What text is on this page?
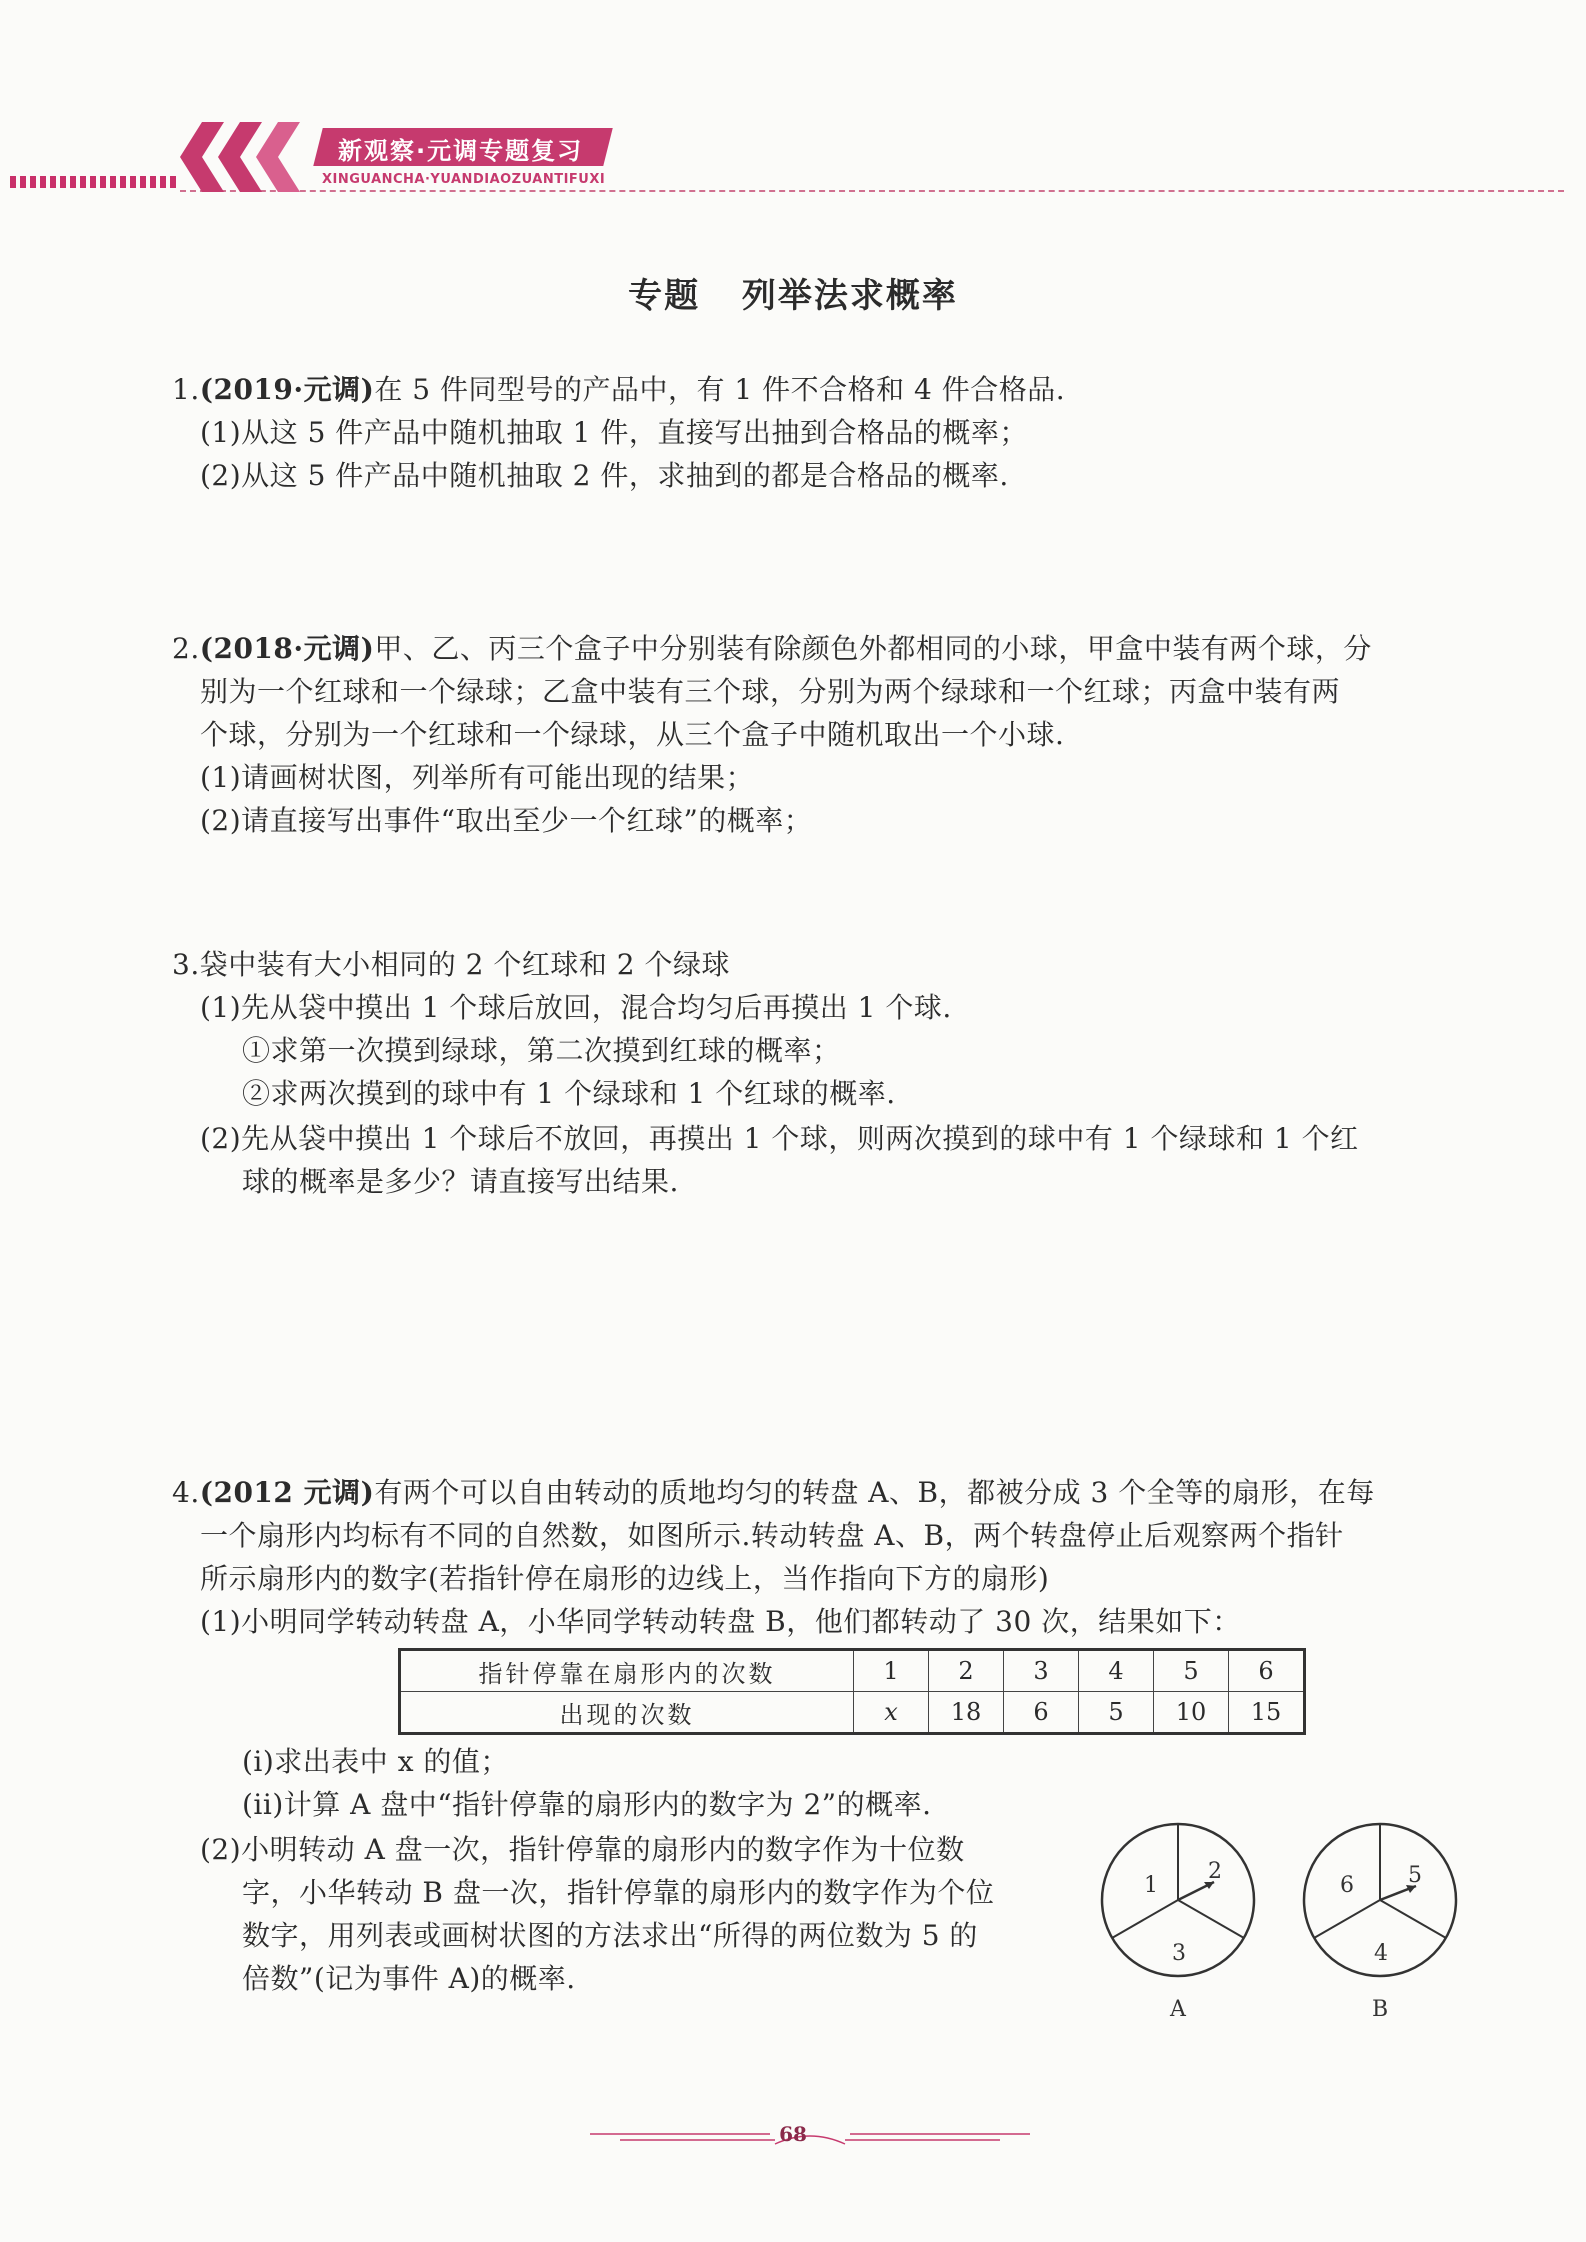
新观察·元调专题复习
XINGUANCHA·YUANDIAOZUANTIFUXI
专题 列举法求概率
1.(2019·元调)在 5 件同型号的产品中，有 1 件不合格和 4 件合格品.
(1)从这 5 件产品中随机抽取 1 件，直接写出抽到合格品的概率；
(2)从这 5 件产品中随机抽取 2 件，求抽到的都是合格品的概率.
2.(2018·元调)甲、乙、丙三个盒子中分别装有除颜色外都相同的小球，甲盒中装有两个球，分
别为一个红球和一个绿球；乙盒中装有三个球，分别为两个绿球和一个红球；丙盒中装有两
个球，分别为一个红球和一个绿球，从三个盒子中随机取出一个小球.
(1)请画树状图，列举所有可能出现的结果；
(2)请直接写出事件“取出至少一个红球”的概率；
3.袋中装有大小相同的 2 个红球和 2 个绿球
(1)先从袋中摸出 1 个球后放回，混合均匀后再摸出 1 个球.
①求第一次摸到绿球，第二次摸到红球的概率；
②求两次摸到的球中有 1 个绿球和 1 个红球的概率.
(2)先从袋中摸出 1 个球后不放回，再摸出 1 个球，则两次摸到的球中有 1 个绿球和 1 个红
球的概率是多少？请直接写出结果.
4.(2012 元调)有两个可以自由转动的质地均匀的转盘 A、B，都被分成 3 个全等的扇形，在每
一个扇形内均标有不同的自然数，如图所示.转动转盘 A、B，两个转盘停止后观察两个指针
所示扇形内的数字(若指针停在扇形的边线上，当作指向下方的扇形)
(1)小明同学转动转盘 A，小华同学转动转盘 B，他们都转动了 30 次，结果如下：
指针停靠在扇形内的次数	1	2	3	4	5	6
出现的次数	x	18	6	5	10	15
(i)求出表中 x 的值；
(ii)计算 A 盘中“指针停靠的扇形内的数字为 2”的概率.
(2)小明转动 A 盘一次，指针停靠的扇形内的数字作为十位数
字，小华转动 B 盘一次，指针停靠的扇形内的数字作为个位
数字，用列表或画树状图的方法求出“所得的两位数为 5 的
倍数”(记为事件 A)的概率.
1
2
3
A
6 5
4
B
68
